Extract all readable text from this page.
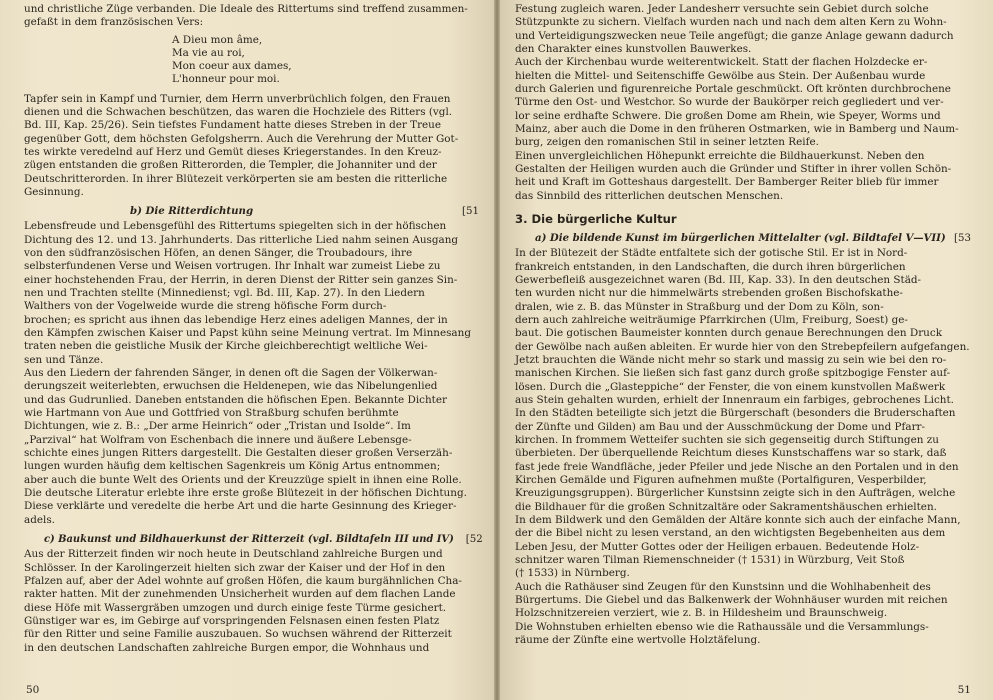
und christliche Züge verbanden. Die Ideale des Rittertums sind treffend zusammen-
gefaßt in dem französischen Vers:
A Dieu mon âme,
Ma vie au roi,
Mon coeur aux dames,
L'honneur pour moi.
Tapfer sein in Kampf und Turnier, dem Herrn unverbrüchlich folgen, den Frauen
dienen und die Schwachen beschützen, das waren die Hochziele des Ritters (vgl.
Bd. III, Kap. 25/26). Sein tiefstes Fundament hatte dieses Streben in der Treue
gegenüber Gott, dem höchsten Gefolgsherrn. Auch die Verehrung der Mutter Got-
tes wirkte veredelnd auf Herz und Gemüt dieses Kriegerstandes. In den Kreuz-
zügen entstanden die großen Ritterorden, die Templer, die Johanniter und der
Deutschritterorden. In ihrer Blütezeit verkörperten sie am besten die ritterliche
Gesinnung.
b) Die Ritterdichtung	[51
Lebensfreude und Lebensgefühl des Rittertums spiegelten sich in der höfischen
Dichtung des 12. und 13. Jahrhunderts. Das ritterliche Lied nahm seinen Ausgang
von den südfranzösischen Höfen, an denen Sänger, die Troubadours, ihre
selbsterfundenen Verse und Weisen vortrugen. Ihr Inhalt war zumeist Liebe zu
einer hochstehenden Frau, der Herrin, in deren Dienst der Ritter sein ganzes Sin-
nen und Trachten stellte (Minnedienst; vgl. Bd. III, Kap. 27). In den Liedern
Walthers von der Vogelweide wurde die streng höfische Form durch-
brochen; es spricht aus ihnen das lebendige Herz eines adeligen Mannes, der in
den Kämpfen zwischen Kaiser und Papst kühn seine Meinung vertrat. Im Minnesang
traten neben die geistliche Musik der Kirche gleichberechtigt weltliche Wei-
sen und Tänze.
Aus den Liedern der fahrenden Sänger, in denen oft die Sagen der Völkerwan-
derungszeit weiterlebten, erwuchsen die Heldenepen, wie das Nibelungenlied
und das Gudrunlied. Daneben entstanden die höfischen Epen. Bekannte Dichter
wie Hartmann von Aue und Gottfried von Straßburg schufen berühmte
Dichtungen, wie z. B.: „Der arme Heinrich“ oder „Tristan und Isolde“. Im
„Parzival“ hat Wolfram von Eschenbach die innere und äußere Lebensge-
schichte eines jungen Ritters dargestellt. Die Gestalten dieser großen Verserzäh-
lungen wurden häufig dem keltischen Sagenkreis um König Artus entnommen;
aber auch die bunte Welt des Orients und der Kreuzzüge spielt in ihnen eine Rolle.
Die deutsche Literatur erlebte ihre erste große Blütezeit in der höfischen Dichtung.
Diese verklärte und veredelte die herbe Art und die harte Gesinnung des Krieger-
adels.
c) Baukunst und Bildhauerkunst der Ritterzeit (vgl. Bildtafeln III und IV) [52
Aus der Ritterzeit finden wir noch heute in Deutschland zahlreiche Burgen und
Schlösser. In der Karolingerzeit hielten sich zwar der Kaiser und der Hof in den
Pfalzen auf, aber der Adel wohnte auf großen Höfen, die kaum burgähnlichen Cha-
rakter hatten. Mit der zunehmenden Unsicherheit wurden auf dem flachen Lande
diese Höfe mit Wassergräben umzogen und durch einige feste Türme gesichert.
Günstiger war es, im Gebirge auf vorspringenden Felsnasen einen festen Platz
für den Ritter und seine Familie auszubauen. So wuchsen während der Ritterzeit
in den deutschen Landschaften zahlreiche Burgen empor, die Wohnhaus und
50
Festung zugleich waren. Jeder Landesherr versuchte sein Gebiet durch solche
Stützpunkte zu sichern. Vielfach wurden nach und nach dem alten Kern zu Wohn-
und Verteidigungszwecken neue Teile angefügt; die ganze Anlage gewann dadurch
den Charakter eines kunstvollen Bauwerkes.
Auch der Kirchenbau wurde weiterentwickelt. Statt der flachen Holzdecke er-
hielten die Mittel- und Seitenschiffe Gewölbe aus Stein. Der Außenbau wurde
durch Galerien und figurenreiche Portale geschmückt. Oft krönten durchbrochene
Türme den Ost- und Westchor. So wurde der Baukörper reich gegliedert und ver-
lor seine erdhafte Schwere. Die großen Dome am Rhein, wie Speyer, Worms und
Mainz, aber auch die Dome in den früheren Ostmarken, wie in Bamberg und Naum-
burg, zeigen den romanischen Stil in seiner letzten Reife.
Einen unvergleichlichen Höhepunkt erreichte die Bildhauerkunst. Neben den
Gestalten der Heiligen wurden auch die Gründer und Stifter in ihrer vollen Schön-
heit und Kraft im Gotteshaus dargestellt. Der Bamberger Reiter blieb für immer
das Sinnbild des ritterlichen deutschen Menschen.
3. Die bürgerliche Kultur
a) Die bildende Kunst im bürgerlichen Mittelalter (vgl. Bildtafel V—VII) [53
In der Blütezeit der Städte entfaltete sich der gotische Stil. Er ist in Nord-
frankreich entstanden, in den Landschaften, die durch ihren bürgerlichen
Gewerbefleiß ausgezeichnet waren (Bd. III, Kap. 33). In den deutschen Städ-
ten wurden nicht nur die himmelwärts strebenden großen Bischofskathe-
dralen, wie z. B. das Münster in Straßburg und der Dom zu Köln, son-
dern auch zahlreiche weiträumige Pfarrkirchen (Ulm, Freiburg, Soest) ge-
baut. Die gotischen Baumeister konnten durch genaue Berechnungen den Druck
der Gewölbe nach außen ableiten. Er wurde hier von den Strebepfeilern aufgefangen.
Jetzt brauchten die Wände nicht mehr so stark und massig zu sein wie bei den ro-
manischen Kirchen. Sie ließen sich fast ganz durch große spitzbogige Fenster auf-
lösen. Durch die „Glasteppiche“ der Fenster, die von einem kunstvollen Maßwerk
aus Stein gehalten wurden, erhielt der Innenraum ein farbiges, gebrochenes Licht.
In den Städten beteiligte sich jetzt die Bürgerschaft (besonders die Bruderschaften
der Zünfte und Gilden) am Bau und der Ausschmückung der Dome und Pfarr-
kirchen. In frommem Wetteifer suchten sie sich gegenseitig durch Stiftungen zu
überbieten. Der überquellende Reichtum dieses Kunstschaffens war so stark, daß
fast jede freie Wandfläche, jeder Pfeiler und jede Nische an den Portalen und in den
Kirchen Gemälde und Figuren aufnehmen mußte (Portalfiguren, Vesperbilder,
Kreuzigungsgruppen). Bürgerlicher Kunstsinn zeigte sich in den Aufträgen, welche
die Bildhauer für die großen Schnitzaltäre oder Sakramentshäuschen erhielten.
In dem Bildwerk und den Gemälden der Altäre konnte sich auch der einfache Mann,
der die Bibel nicht zu lesen verstand, an den wichtigsten Begebenheiten aus dem
Leben Jesu, der Mutter Gottes oder der Heiligen erbauen. Bedeutende Holz-
schnitzer waren Tilman Riemenschneider († 1531) in Würzburg, Veit Stoß
(† 1533) in Nürnberg.
Auch die Rathäuser sind Zeugen für den Kunstsinn und die Wohlhabenheit des
Bürgertums. Die Giebel und das Balkenwerk der Wohnhäuser wurden mit reichen
Holzschnitzereien verziert, wie z. B. in Hildesheim und Braunschweig.
Die Wohnstuben erhielten ebenso wie die Rathaussäle und die Versammlungs-
räume der Zünfte eine wertvolle Holztäfelung.
51
